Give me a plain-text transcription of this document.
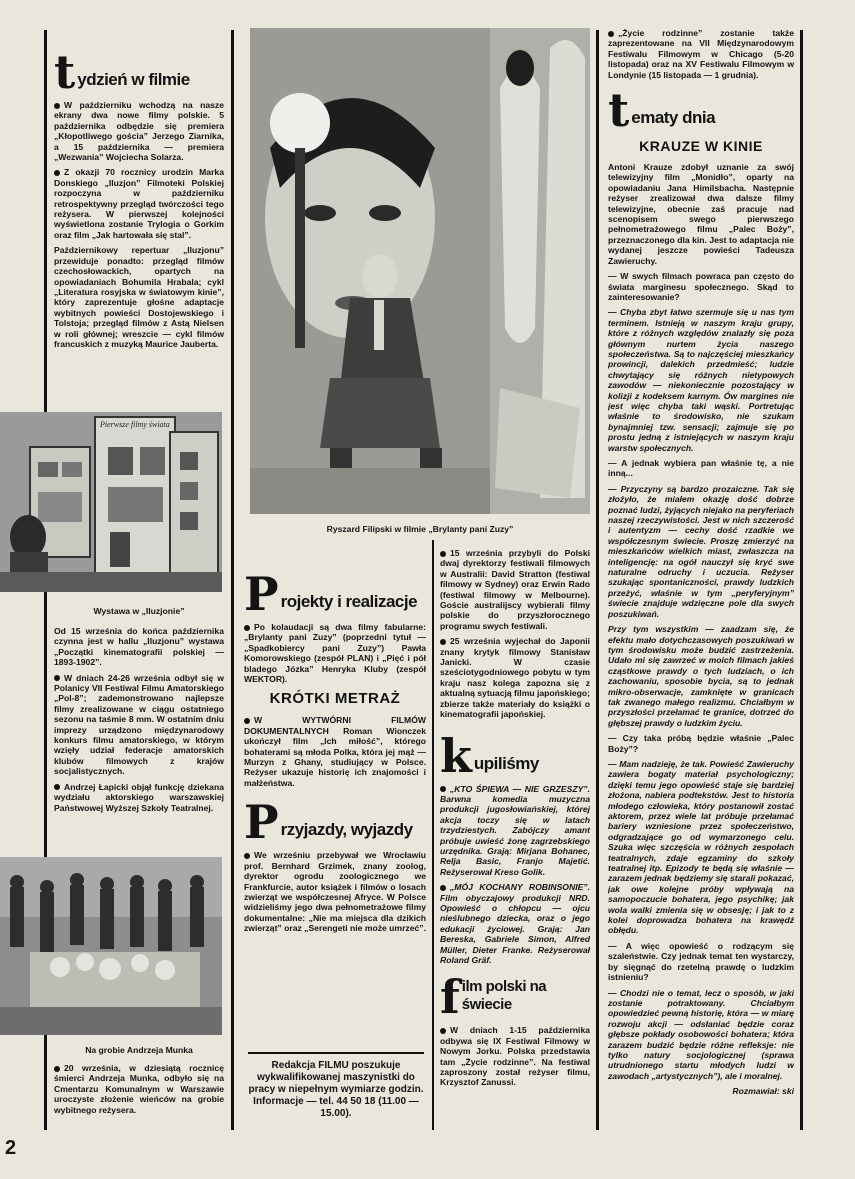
t ydzień w filmie

W październiku wchodzą na nasze ekrany dwa nowe filmy polskie. 5 października odbędzie się premiera „Kłopotliwego gościa” Jerzego Ziarnika, a 15 października — premiera „Wezwania” Wojciecha Solarza.

Z okazji 70 rocznicy urodzin Marka Donskiego „Iluzjon” Filmoteki Polskiej rozpoczyna w październiku retrospektywny przegląd twórczości tego reżysera. W pierwszej kolejności wyświetlona zostanie Trylogia o Gorkim oraz film „Jak hartowała się stal”.

Październikowy repertuar „Iluzjonu” przewiduje ponadto: przegląd filmów czechosłowackich, opartych na opowiadaniach Bohumila Hrabala; cykl „Literatura rosyjska w światowym kinie”, który zaprezentuje głośne adaptacje wybitnych powieści Dostojewskiego i Tolstoja; przegląd filmów z Astą Nielsen w roli głównej; wreszcie — cykl filmów francuskich z muzyką Maurice Jauberta.

Pierwsze filmy świata
Wystawa w „Iluzjonie”

Od 15 września do końca października czynna jest w hallu „Iluzjonu” wystawa „Początki kinematografii polskiej — 1893-1902”.

W dniach 24-26 września odbył się w Polanicy VII Festiwal Filmu Amatorskiego „Pol-8”; zademonstrowano najlepsze filmy zrealizowane w ciągu ostatniego sezonu na taśmie 8 mm. W ostatnim dniu imprezy urządzono międzynarodowy konkurs filmu amatorskiego, w którym wzięły udział federacje amatorskich klubów filmowych z krajów socjalistycznych.

Andrzej Łapicki objął funkcję dziekana wydziału aktorskiego warszawskiej Państwowej Wyższej Szkoły Teatralnej.

Na grobie Andrzeja Munka

20 września, w dziesiątą rocznicę śmierci Andrzeja Munka, odbyło się na Cmentarzu Komunalnym w Warszawie uroczyste złożenie wieńców na grobie wybitnego reżysera.

2
Ryszard Filipski w filmie „Brylanty pani Zuzy”
P rojekty i realizacje

Po kolaudacji są dwa filmy fabularne: „Brylanty pani Zuzy” (poprzedni tytuł — „Spadkobiercy pani Zuzy”) Pawła Komorowskiego (zespół PLAN) i „Pięć i pół bladego Józka” Henryka Kluby (zespół WEKTOR).

KRÓTKI METRAŻ

W WYTWÓRNI FILMÓW DOKUMENTALNYCH Roman Wionczek ukończył film „Ich miłość”, którego bohaterami są młoda Polka, która jej mąż — Murzyn z Ghany, studiujący w Polsce. Reżyser ukazuje historię ich znajomości i małżeństwa.

P rzyjazdy, wyjazdy

We wrześniu przebywał we Wrocławiu prof. Bernhard Grzimek, znany zoolog, dyrektor ogrodu zoologicznego we Frankfurcie, autor książek i filmów o losach zwierząt we współczesnej Afryce. W Polsce widzieliśmy jego dwa pełnometrażowe filmy dokumentalne: „Nie ma miejsca dla dzikich zwierząt” oraz „Serengeti nie może umrzeć”.

Redakcja FILMU poszukuje wykwalifikowanej maszynistki do pracy w niepełnym wymiarze godzin. Informacje — tel. 44 50 18 (11.00 — 15.00).

15 września przybyli do Polski dwaj dyrektorzy festiwali filmowych w Australii: David Stratton (festiwal filmowy w Sydney) oraz Erwin Rado (festiwal filmowy w Melbourne). Goście australijscy wybierali filmy polskie do przyszłorocznego programu swych festiwali.

25 września wyjechał do Japonii znany krytyk filmowy Stanisław Janicki. W czasie sześciotygodniowego pobytu w tym kraju nasz kolega zapozna się z aktualną sytuacją filmu japońskiego; zbierze także materiały do książki o kinematografii japońskiej.

k upiliśmy

„KTO ŚPIEWA — NIE GRZESZY”. Barwna komedia muzyczna produkcji jugosłowiańskiej, której akcja toczy się w latach trzydziestych. Zabójczy amant próbuje uwieść żonę zagrzebskiego urzędnika. Grają: Mirjana Bohanec, Relja Basic, Franjo Majetić. Reżyserował Kreso Golik.

„MÓJ KOCHANY ROBINSONIE”. Film obyczajowy produkcji NRD. Opowieść o chłopcu — ojcu nieślubnego dziecka, oraz o jego edukacji życiowej. Grają: Jan Bereska, Gabriele Simon, Alfred Müller, Dieter Franke. Reżyserował Roland Gräf.

f ilm polski na świecie

W dniach 1-15 października odbywa się IX Festiwal Filmowy w Nowym Jorku. Polska przedstawia tam „Życie rodzinne”. Na festiwal zaproszony został reżyser filmu, Krzysztof Zanussi.

„Życie rodzinne” zostanie także zaprezentowane na VII Międzynarodowym Festiwalu Filmowym w Chicago (5-20 listopada) oraz na XV Festiwalu Filmowym w Londynie (15 listopada — 1 grudnia).

t ematy dnia
KRAUZE W KINIE

Antoni Krauze zdobył uznanie za swój telewizyjny film „Monidło”, oparty na opowiadaniu Jana Himilsbacha. Następnie reżyser zrealizował dwa dalsze filmy telewizyjne, obecnie zaś pracuje nad scenopisem swego pierwszego pełnometrażowego filmu „Palec Boży”, przeznaczonego dla kin. Jest to adaptacja nie wydanej jeszcze powieści Tadeusza Zawieruchy.

— W swych filmach powraca pan często do świata marginesu społecznego. Skąd to zainteresowanie?

— Chyba zbyt łatwo szermuje się u nas tym terminem. Istnieją w naszym kraju grupy, które z różnych względów znalazły się poza głównym nurtem życia naszego społeczeństwa. Są to najczęściej mieszkańcy prowincji, dalekich przedmieść; ludzie chwytający się różnych nietypowych zawodów — niekoniecznie pozostający w kolizji z kodeksem karnym. Ów margines nie jest więc chyba taki wąski. Portretując właśnie to środowisko, nie szukam bynajmniej tzw. sensacji; zajmuje się po prostu jedną z istniejących w naszym kraju warstw społecznych.

— A jednak wybiera pan właśnie tę, a nie inną...

— Przyczyny są bardzo prozaiczne. Tak się złożyło, że miałem okazję dość dobrze poznać ludzi, żyjących niejako na peryferiach naszej rzeczywistości. Jest w nich szczerość i autentyzm — cechy dość rzadkie we współczesnym świecie. Proszę zmierzyć na mieszkańców wielkich miast, zwłaszcza na inteligencję: na ogół nauczył się kryć swe naturalne odruchy i uczucia. Reżyser szukając spontaniczności, prawdy ludzkich przeżyć, właśnie w tym „peryferyjnym” świecie znajduje wdzięczne pole dla swych poszukiwań.

Przy tym wszystkim — zaadzam się, że efektu mało dotychczasowych poszukiwań w tym środowisku może budzić zastrzeżenia. Udało mi się zawrzeć w moich filmach jakieś cząstkowe prawdy o tych ludziach, o ich zachowaniu, sposobie bycia, są to jednak mikro-obserwacje, zamknięte w granicach tak zwanego małego realizmu. Chciałbym w przyszłości przełamać te granice, dotrzeć do głębszej prawdy o ludzkim życiu.

— Czy taka próbą będzie właśnie „Palec Boży”?

— Mam nadzieję, że tak. Powieść Zawieruchy zawiera bogaty materiał psychologiczny; dzięki temu jego opowieść staje się bardziej złożona, nabiera podtekstów. Jest to historia młodego człowieka, który postanowił zostać aktorem, przez wiele lat próbuje przełamać bariery wzniesione przez społeczeństwo, odgradzające go od wymarzonego celu. Szuka więc szczęścia w różnych zespołach teatralnych, zdaje egzaminy do szkoły teatralnej itp. Epizody te będą się właśnie — zarazem jednak będziemy się starali pokazać, jak owe kolejne próby wpływają na samopoczucie bohatera, jego psychikę; jak wola walki zmienia się w obsesję; i jak to z kolei doprowadza bohatera na krawędź obłędu.

— A więc opowieść o rodzącym się szaleństwie. Czy jednak temat ten wystarczy, by sięgnąć do rzetelną prawdę o ludzkim istnieniu?

— Chodzi nie o temat, lecz o sposób, w jaki zostanie potraktowany. Chciałbym opowiedzieć pewną historię, która — w miarę rozwoju akcji — odsłaniać będzie coraz głębsze pokłady osobowości bohatera; która zarazem budzić będzie różne refleksje: nie tylko natury socjologicznej (sprawa utrudnionego startu młodych ludzi w zawodach „artystycznych”), ale i moralnej.

Rozmawiał: ski
